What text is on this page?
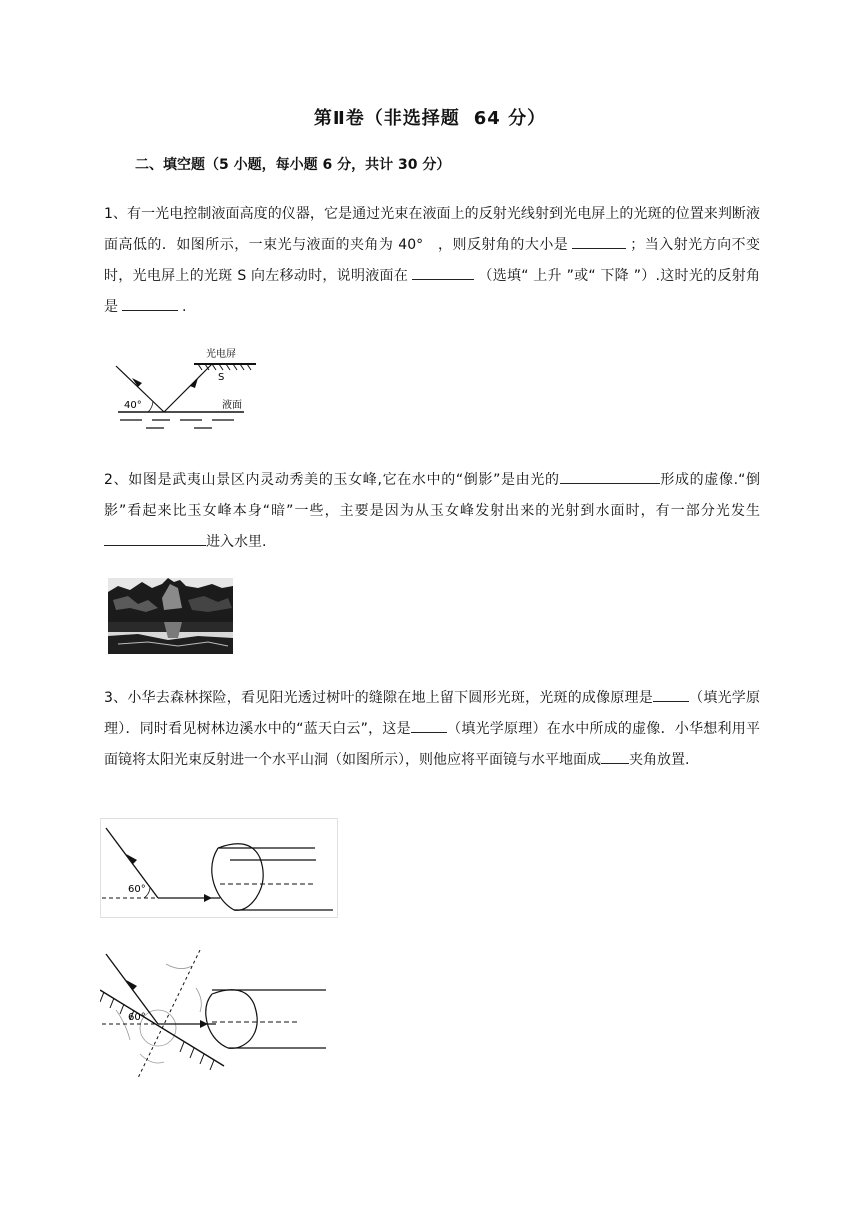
第Ⅱ卷（非选择题 64 分）
二、填空题（5 小题，每小题 6 分，共计 30 分）
1、有一光电控制液面高度的仪器，它是通过光束在液面上的反射光线射到光电屏上的光斑的位置来判断液面高低的．如图所示，一束光与液面的夹角为 40°　，则反射角的大小是	；当入射光方向不变时，光电屏上的光斑 S 向左移动时，说明液面在	（选填“ 上升 ”或“ 下降 ”）.这时光的反射角是	.
光电屏
S
40°	液面
2、如图是武夷山景区内灵动秀美的玉女峰,它在水中的“倒影”是由光的	形成的虚像.“倒影”看起来比玉女峰本身“暗”一些，主要是因为从玉女峰发射出来的光射到水面时，有一部分光发生进入水里.
3、小华去森林探险，看见阳光透过树叶的缝隙在地上留下圆形光斑，光斑的成像原理是	（填光学原理）．同时看见树林边溪水中的“蓝天白云”，这是	（填光学原理）在水中所成的虚像．小华想利用平面镜将太阳光束反射进一个水平山洞（如图所示），则他应将平面镜与水平地面成 夹角放置.
60°
60°
